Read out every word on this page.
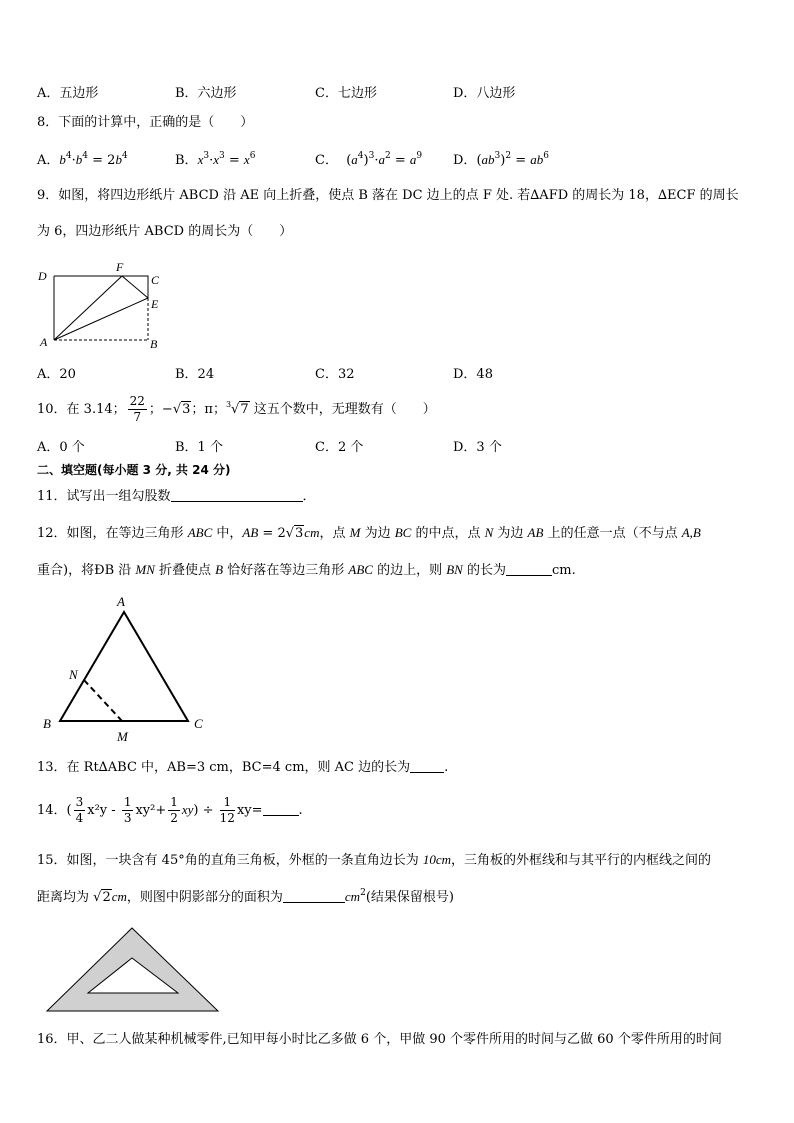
A．五边形	B．六边形	C．七边形	D．八边形
8．下面的计算中，正确的是（　　）
A．$b^4\cdot b^4 = 2b^4$	B．$x^3\cdot x^3 = x^6$	C．  $(a^4)^3\cdot a^2 = a^9$ D．$(ab^3)^2 = ab^6$
9．如图，将四边形纸片 ABCD 沿 AE 向上折叠，使点 B 落在 DC 边上的点 F 处. 若∆AFD 的周长为 18，∆ECF 的周长
为 6，四边形纸片 ABCD 的周长为（　　）
D
F
C
E
A	B
A．20	B．24	C．32	D．48
10．在 3.14； $\frac{22}{7}$ ；−√3；π；$^3$√7 这五个数中，无理数有（　　）
A．0 个	B．1 个	C．2 个	D．3 个
二、填空题(每小题 3 分, 共 24 分)
11．试写出一组勾股数	．
12．如图，在等边三角形 ABC 中，AB = 2√3cm，点 M 为边 BC 的中点，点 N 为边 AB 上的任意一点（不与点 A,B
重合)，将ÐB 沿 MN 折叠使点 B 恰好落在等边三角形 ABC 的边上，则 BN 的长为	cm.
A
N
B
M
C
13．在 Rt∆ABC 中，AB=3 cm，BC=4 cm，则 AC 边的长为	.
14．( $\frac{3}{4} x^2y - \frac{1}{3} xy^2+ \frac{1}{2} xy) \div \frac{1}{12} xy=$	.
15．如图，一块含有 45°角的直角三角板，外框的一条直角边长为 10cm，三角板的外框线和与其平行的内框线之间的
距离均为 √2cm，则图中阴影部分的面积为	$cm^2$(结果保留根号)
16．甲、乙二人做某种机械零件,已知甲每小时比乙多做 6 个，甲做 90 个零件所用的时间与乙做 60 个零件所用的时间
